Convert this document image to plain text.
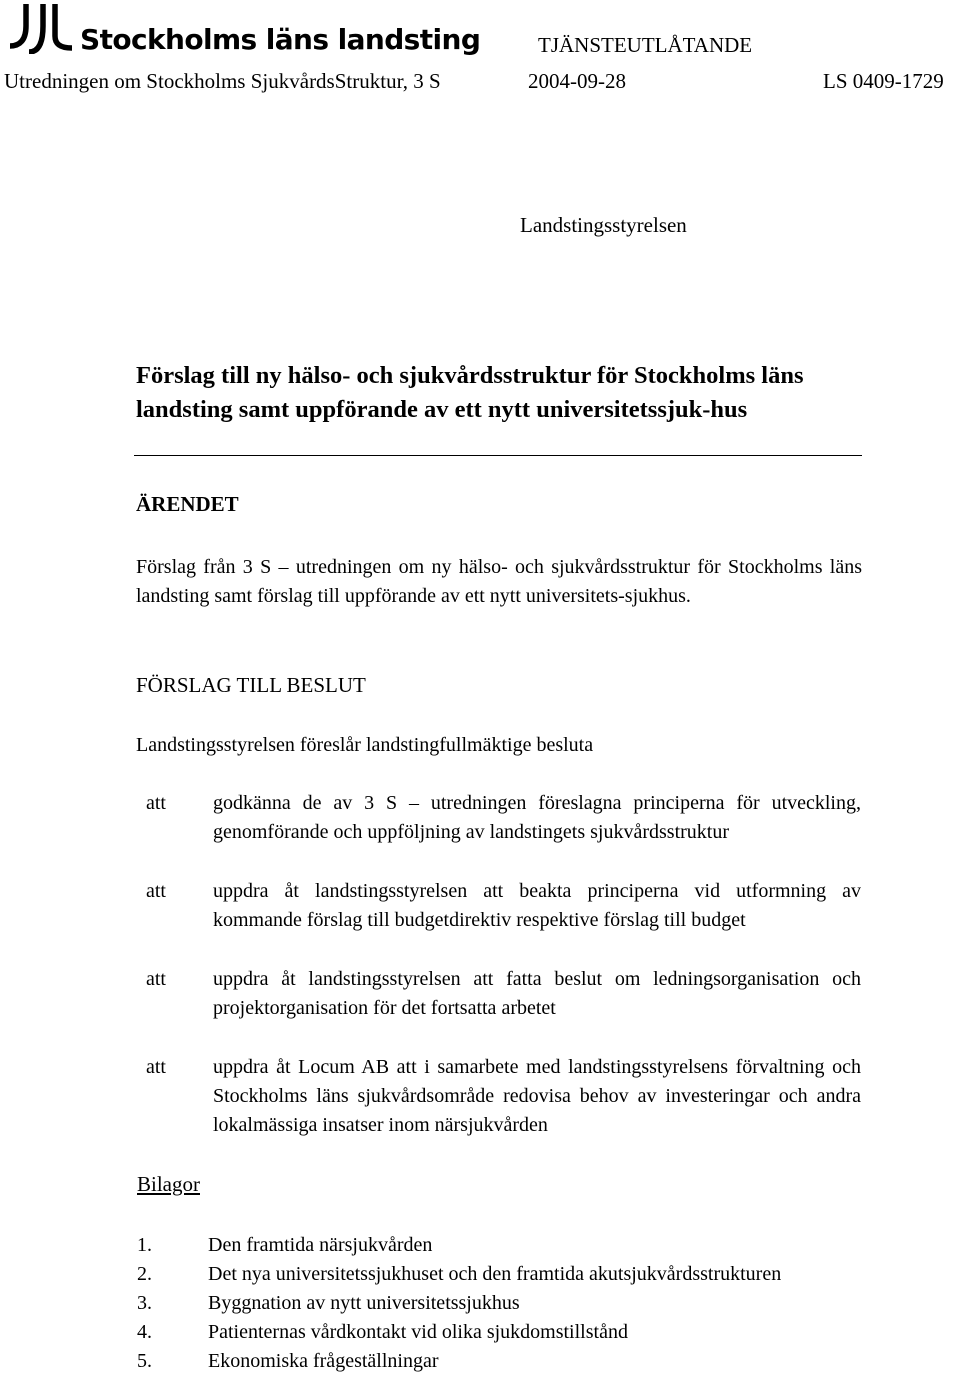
Stockholms läns landsting	TJÄNSTEUTLÅTANDE
Utredningen om Stockholms SjukvårdsStruktur, 3 S	2004-09-28	LS 0409-1729
Landstingsstyrelsen
Förslag till ny hälso- och sjukvårdsstruktur för Stockholms läns landsting samt uppförande av ett nytt universitetssjuk-hus
ÄRENDET

Förslag från 3 S – utredningen om ny hälso- och sjukvårdsstruktur för Stockholms läns landsting samt förslag till uppförande av ett nytt universitets-sjukhus.

FÖRSLAG TILL BESLUT

Landstingsstyrelsen föreslår landstingfullmäktige besluta

att godkänna de av 3 S – utredningen föreslagna principerna för utveckling, genomförande och uppföljning av landstingets sjukvårdsstruktur

att uppdra åt landstingsstyrelsen att beakta principerna vid utformning av kommande förslag till budgetdirektiv respektive förslag till budget

att uppdra åt landstingsstyrelsen att fatta beslut om ledningsorganisation och projektorganisation för det fortsatta arbetet

att uppdra åt Locum AB att i samarbete med landstingsstyrelsens förvaltning och Stockholms läns sjukvårdsområde redovisa behov av investeringar och andra lokalmässiga insatser inom närsjukvården

Bilagor
1.	Den framtida närsjukvården
2.	Det nya universitetssjukhuset och den framtida akutsjukvårdsstrukturen
3.	Byggnation av nytt universitetssjukhus
4.	Patienternas vårdkontakt vid olika sjukdomstillstånd
5.	Ekonomiska frågeställningar
